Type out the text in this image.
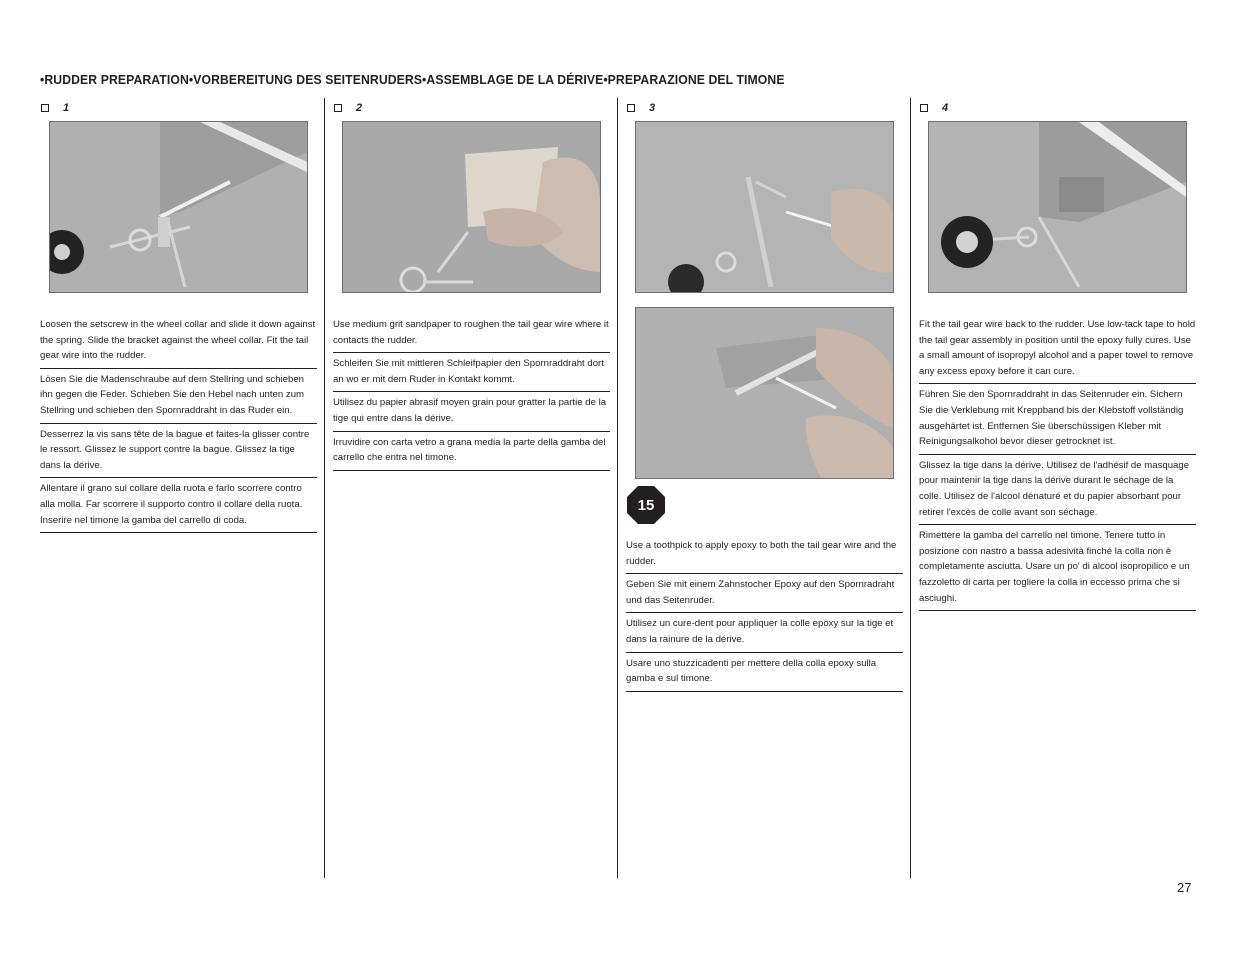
•RUDDER PREPARATION•VORBEREITUNG DES SEITENRUDERS•ASSEMBLAGE DE LA DÉRIVE•PREPARAZIONE DEL TIMONE
1	2	3	4
Loosen the setscrew in the wheel collar and slide it down against the spring. Slide the bracket against the wheel collar. Fit the tail gear wire into the rudder.
Lösen Sie die Madenschraube auf dem Stellring und schieben ihn gegen die Feder. Schieben Sie den Hebel nach unten zum Stellring und schieben den Spornraddraht in das Ruder ein.
Desserrez la vis sans tête de la bague et faites-la glisser contre le ressort. Glissez le support contre la bague. Glissez la tige dans la dérive.
Allentare il grano sul collare della ruota e farlo scorrere contro alla molla. Far scorrere il supporto contro il collare della ruota. Inserire nel timone la gamba del carrello di coda.
Use medium grit sandpaper to roughen the tail gear wire where it contacts the rudder.
Schleifen Sie mit mittleren Schleifpapier den Spornraddraht dort an wo er mit dem Ruder in Kontakt kommt.
Utilisez du papier abrasif moyen grain pour gratter la partie de la tige qui entre dans la dérive.
Irruvidire con carta vetro a grana media la parte della gamba del carrello che entra nel timone.
15
Use a toothpick to apply epoxy to both the tail gear wire and the rudder.
Geben Sie mit einem Zahnstocher Epoxy auf den Spornradraht und das Seitenruder.
Utilisez un cure-dent pour appliquer la colle epoxy sur la tige et dans la rainure de la dérive.
Usare uno stuzzicadenti per mettere della colla epoxy sulla gamba e sul timone.
Fit the tail gear wire back to the rudder. Use low-tack tape to hold the tail gear assembly in position until the epoxy fully cures. Use a small amount of isopropyl alcohol and a paper towel to remove any excess epoxy before it can cure.
Führen Sie den Spornraddraht in das Seitenruder ein. Sichern Sie die Verklebung mit Kreppband bis der Klebstoff vollständig ausgehärtet ist. Entfernen Sie überschüssigen Kleber mit Reinigungsalkohol bevor dieser getrocknet ist.
Glissez la tige dans la dérive. Utilisez de l'adhésif de masquage pour maintenir la tige dans la dérive durant le séchage de la colle. Utilisez de l'alcool dénaturé et du papier absorbant pour retirer l'excès de colle avant son séchage.
Rimettere la gamba del carrello nel timone. Tenere tutto in posizione con nastro a bassa adesività finché la colla non è completamente asciutta. Usare un po' di alcool isopropilico e un fazzoletto di carta per togliere la colla in eccesso prima che si asciughi.
27
